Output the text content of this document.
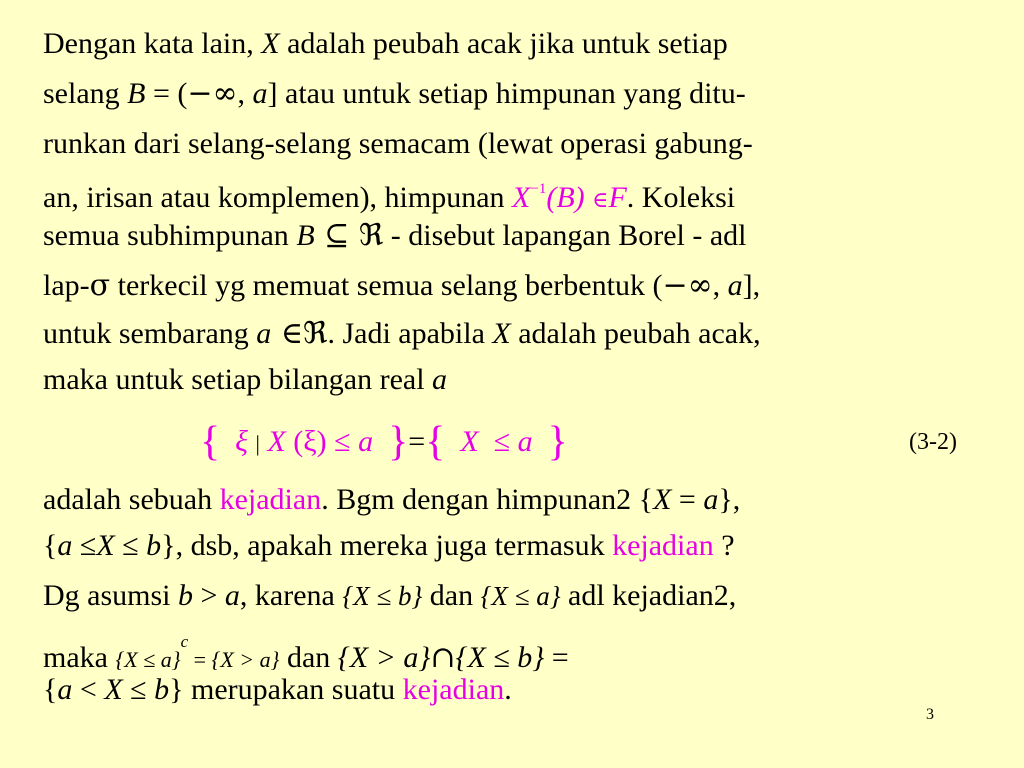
Dengan kata lain, X adalah peubah acak jika untuk setiap
selang B = (−∞, a] atau untuk setiap himpunan yang ditu-
runkan dari selang-selang semacam (lewat operasi gabung-
an, irisan atau komplemen), himpunan $X^{-1}(B)$ ∈F. Koleksi
semua subhimpunan B ⊆ ℜ - disebut lapangan Borel - adl
lap-σ terkecil yg memuat semua selang berbentuk (−∞, a],
untuk sembarang a ∈ℜ. Jadi apabila X adalah peubah acak,
maka untuk setiap bilangan real a
{ ξ | X (ξ) ≤ a }={ X ≤ a }	(3-2)
adalah sebuah kejadian. Bgm dengan himpunan2 {X = a},
{a ≤X ≤ b}, dsb, apakah mereka juga termasuk kejadian ?
Dg asumsi b > a, karena {X ≤ b} dan {X ≤ a} adl kejadian2,
maka {X ≤ a}$^c$ = {X > a} dan {X > a}∩{X ≤ b} =
{a < X ≤ b} merupakan suatu kejadian.
3
